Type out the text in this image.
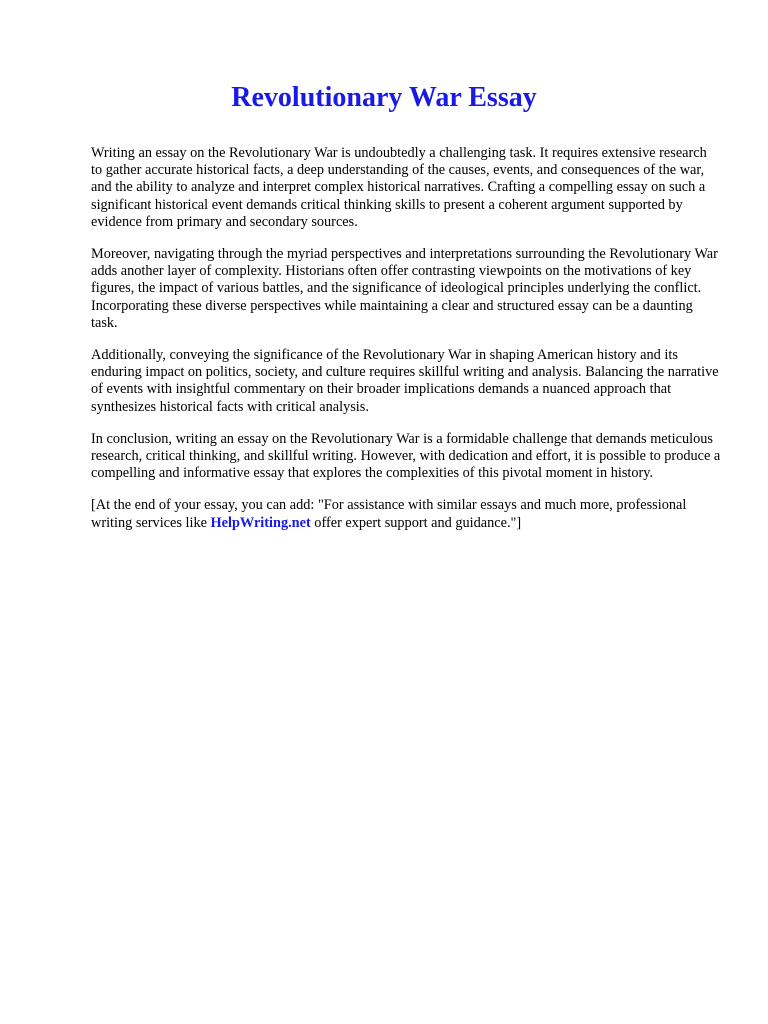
Revolutionary War Essay

Writing an essay on the Revolutionary War is undoubtedly a challenging task. It requires extensive research to gather accurate historical facts, a deep understanding of the causes, events, and consequences of the war, and the ability to analyze and interpret complex historical narratives. Crafting a compelling essay on such a significant historical event demands critical thinking skills to present a coherent argument supported by evidence from primary and secondary sources.

Moreover, navigating through the myriad perspectives and interpretations surrounding the Revolutionary War adds another layer of complexity. Historians often offer contrasting viewpoints on the motivations of key figures, the impact of various battles, and the significance of ideological principles underlying the conflict. Incorporating these diverse perspectives while maintaining a clear and structured essay can be a daunting task.

Additionally, conveying the significance of the Revolutionary War in shaping American history and its enduring impact on politics, society, and culture requires skillful writing and analysis. Balancing the narrative of events with insightful commentary on their broader implications demands a nuanced approach that synthesizes historical facts with critical analysis.

In conclusion, writing an essay on the Revolutionary War is a formidable challenge that demands meticulous research, critical thinking, and skillful writing. However, with dedication and effort, it is possible to produce a compelling and informative essay that explores the complexities of this pivotal moment in history.

[At the end of your essay, you can add: "For assistance with similar essays and much more, professional writing services like HelpWriting.net offer expert support and guidance."]
